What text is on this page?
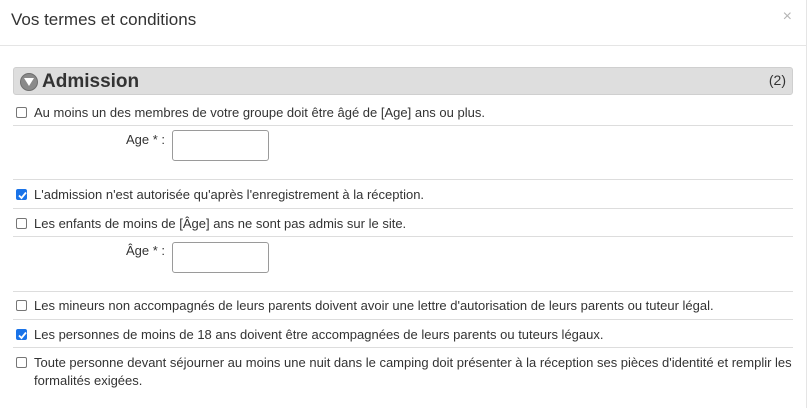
Vos termes et conditions	×
Admission	(2)
Au moins un des membres de votre groupe doit être âgé de [Age] ans ou plus.
Age * :
L'admission n'est autorisée qu'après l'enregistrement à la réception.
Les enfants de moins de [Âge] ans ne sont pas admis sur le site.
Âge * :
Les mineurs non accompagnés de leurs parents doivent avoir une lettre d'autorisation de leurs parents ou tuteur légal.
Les personnes de moins de 18 ans doivent être accompagnées de leurs parents ou tuteurs légaux.
Toute personne devant séjourner au moins une nuit dans le camping doit présenter à la réception ses pièces d'identité et remplir les
formalités exigées.
